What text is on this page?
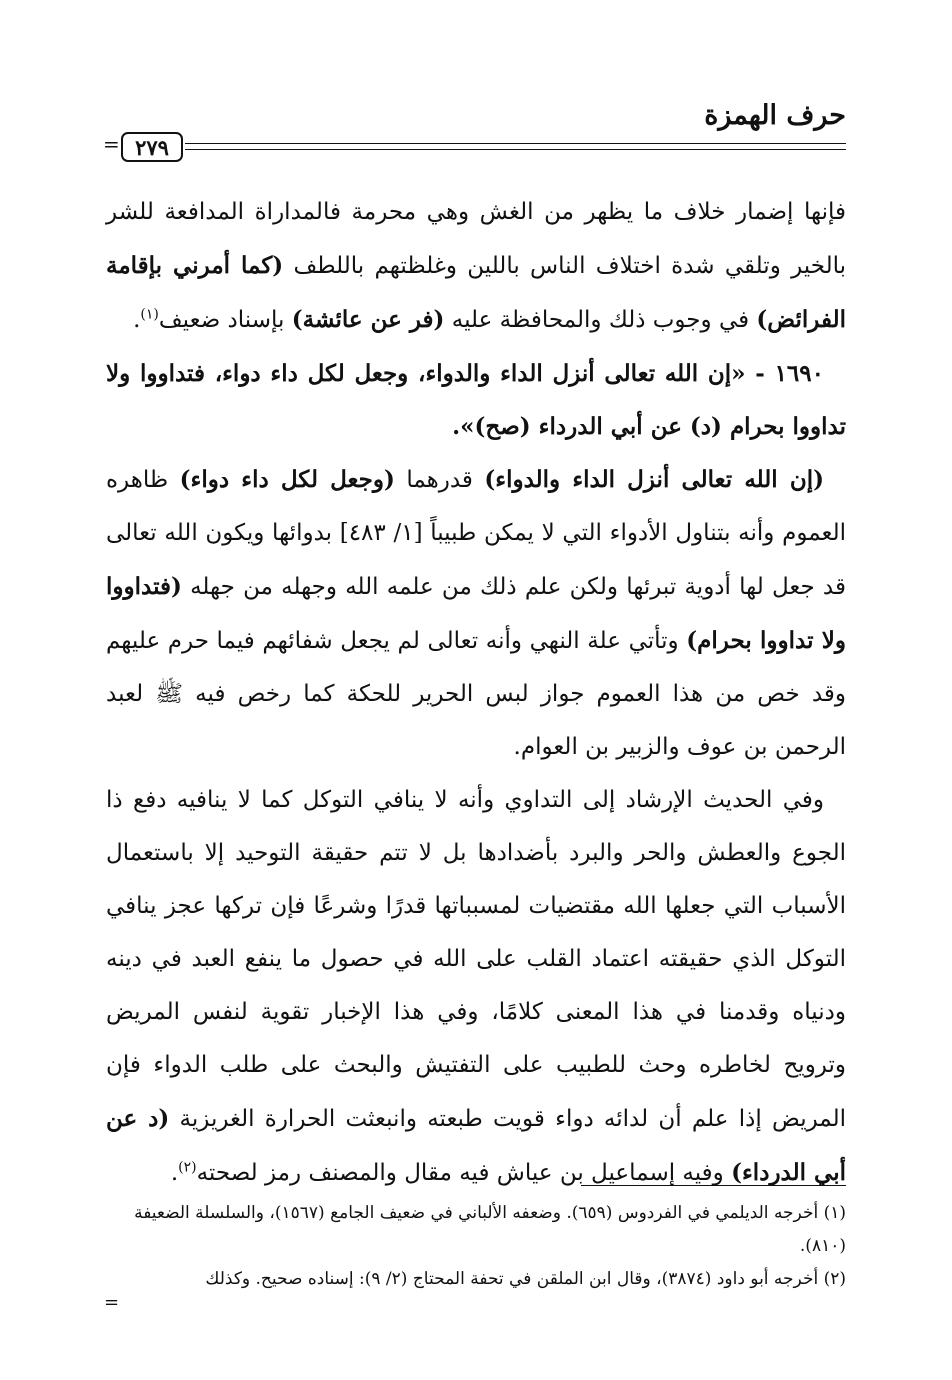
حرف الهمزة
٢٧٩
=

فإنها إضمار خلاف ما يظهر من الغش وهي محرمة فالمداراة المدافعة للشر بالخير وتلقي شدة اختلاف الناس باللين وغلظتهم باللطف (كما أمرني بإقامة الفرائض) في وجوب ذلك والمحافظة عليه (فر عن عائشة) بإسناد ضعيف$^{(١)}$.

١٦٩٠ - «إن الله تعالى أنزل الداء والدواء، وجعل لكل داء دواء، فتداووا ولا تداووا بحرام (د) عن أبي الدرداء (صح)».

(إن الله تعالى أنزل الداء والدواء) قدرهما (وجعل لكل داء دواء) ظاهره العموم وأنه بتناول الأدواء التي لا يمكن طبيباً [١/ ٤٨٣] بدوائها ويكون الله تعالى قد جعل لها أدوية تبرئها ولكن علم ذلك من علمه الله وجهله من جهله (فتداووا ولا تداووا بحرام) وتأتي علة النهي وأنه تعالى لم يجعل شفائهم فيما حرم عليهم وقد خص من هذا العموم جواز لبس الحرير للحكة كما رخص فيه ﷺ لعبد الرحمن بن عوف والزبير بن العوام.

وفي الحديث الإرشاد إلى التداوي وأنه لا ينافي التوكل كما لا ينافيه دفع ذا الجوع والعطش والحر والبرد بأضدادها بل لا تتم حقيقة التوحيد إلا باستعمال الأسباب التي جعلها الله مقتضيات لمسبباتها قدرًا وشرعًا فإن تركها عجز ينافي التوكل الذي حقيقته اعتماد القلب على الله في حصول ما ينفع العبد في دينه ودنياه وقدمنا في هذا المعنى كلامًا، وفي هذا الإخبار تقوية لنفس المريض وترويح لخاطره وحث للطبيب على التفتيش والبحث على طلب الدواء فإن المريض إذا علم أن لدائه دواء قويت طبعته وانبعثت الحرارة الغريزية (د عن أبي الدرداء) وفيه إسماعيل بن عياش فيه مقال والمصنف رمز لصحته$^{(٢)}$.

(١) أخرجه الديلمي في الفردوس (٦٥٩). وضعفه الألباني في ضعيف الجامع (١٥٦٧)، والسلسلة الضعيفة (٨١٠).

(٢) أخرجه أبو داود (٣٨٧٤)، وقال ابن الملقن في تحفة المحتاج (٢/ ٩): إسناده صحيح. وكذلك

=
